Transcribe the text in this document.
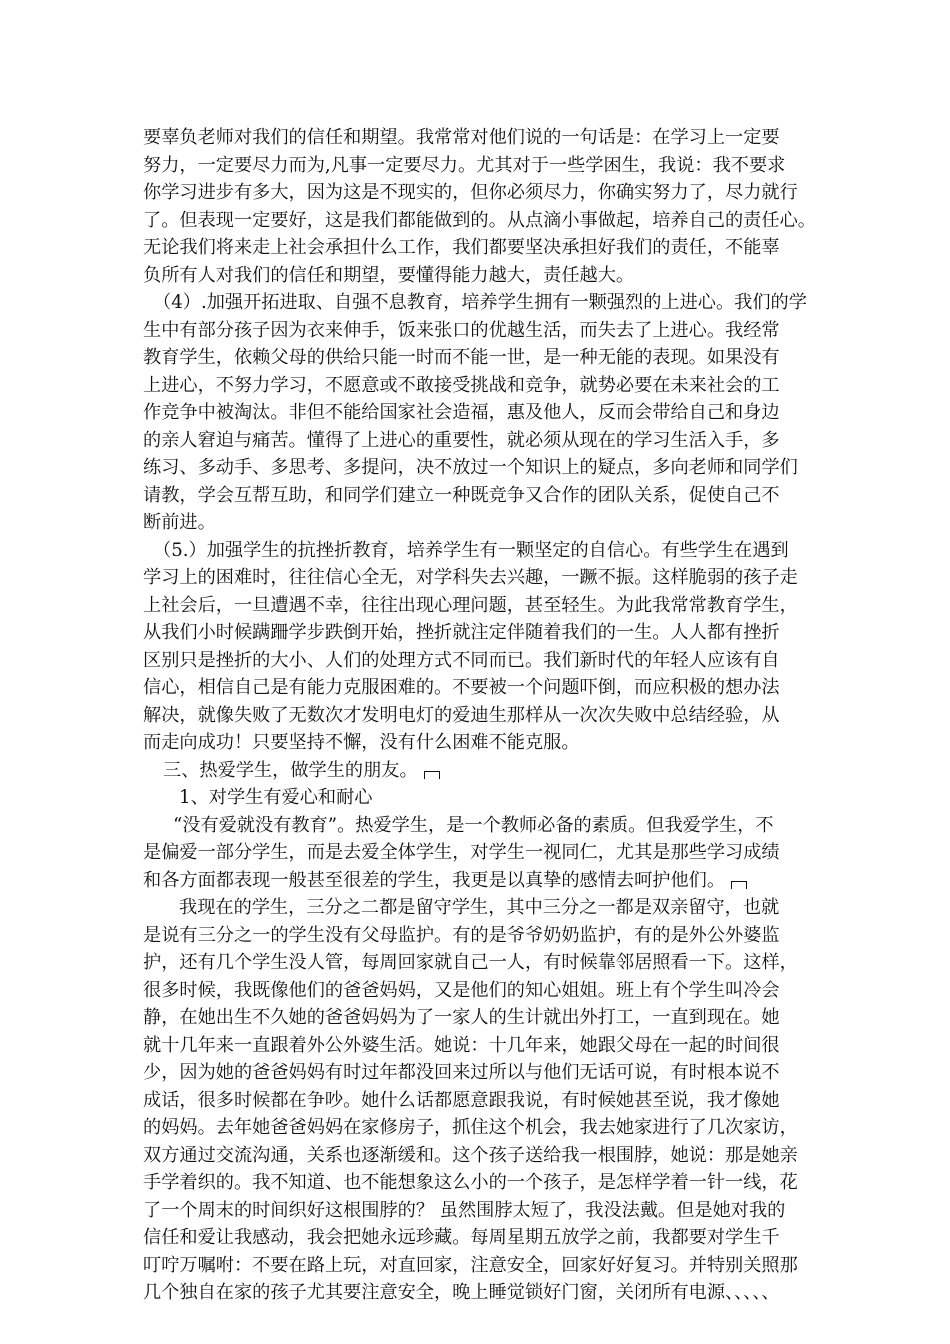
要辜负老师对我们的信任和期望。我常常对他们说的一句话是：在学习上一定要
努力，一定要尽力而为,凡事一定要尽力。尤其对于一些学困生，我说：我不要求
你学习进步有多大，因为这是不现实的，但你必须尽力，你确实努力了，尽力就行
了。但表现一定要好，这是我们都能做到的。从点滴小事做起，培养自己的责任心。
无论我们将来走上社会承担什么工作，我们都要坚决承担好我们的责任，不能辜
负所有人对我们的信任和期望，要懂得能力越大，责任越大。
（4）.加强开拓进取、自强不息教育，培养学生拥有一颗强烈的上进心。我们的学
生中有部分孩子因为衣来伸手，饭来张口的优越生活，而失去了上进心。我经常
教育学生，依赖父母的供给只能一时而不能一世，是一种无能的表现。如果没有
上进心，不努力学习，不愿意或不敢接受挑战和竞争，就势必要在未来社会的工
作竞争中被淘汰。非但不能给国家社会造福，惠及他人，反而会带给自己和身边
的亲人窘迫与痛苦。懂得了上进心的重要性，就必须从现在的学习生活入手，多
练习、多动手、多思考、多提问，决不放过一个知识上的疑点，多向老师和同学们
请教，学会互帮互助，和同学们建立一种既竞争又合作的团队关系，促使自己不
断前进。
（5.）加强学生的抗挫折教育，培养学生有一颗坚定的自信心。有些学生在遇到
学习上的困难时，往往信心全无，对学科失去兴趣，一蹶不振。这样脆弱的孩子走
上社会后，一旦遭遇不幸，往往出现心理问题，甚至轻生。为此我常常教育学生，
从我们小时候蹒跚学步跌倒开始，挫折就注定伴随着我们的一生。人人都有挫折
区别只是挫折的大小、人们的处理方式不同而已。我们新时代的年轻人应该有自
信心，相信自己是有能力克服困难的。不要被一个问题吓倒，而应积极的想办法
解决，就像失败了无数次才发明电灯的爱迪生那样从一次次失败中总结经验，从
而走向成功！只要坚持不懈，没有什么困难不能克服。
三、热爱学生，做学生的朋友。
1、对学生有爱心和耐心
“没有爱就没有教育”。热爱学生，是一个教师必备的素质。但我爱学生，不
是偏爱一部分学生，而是去爱全体学生，对学生一视同仁，尤其是那些学习成绩
和各方面都表现一般甚至很差的学生，我更是以真挚的感情去呵护他们。
我现在的学生，三分之二都是留守学生，其中三分之一都是双亲留守，也就
是说有三分之一的学生没有父母监护。有的是爷爷奶奶监护，有的是外公外婆监
护，还有几个学生没人管，每周回家就自己一人，有时候靠邻居照看一下。这样，
很多时候，我既像他们的爸爸妈妈，又是他们的知心姐姐。班上有个学生叫冷会
静，在她出生不久她的爸爸妈妈为了一家人的生计就出外打工，一直到现在。她
就十几年来一直跟着外公外婆生活。她说：十几年来，她跟父母在一起的时间很
少，因为她的爸爸妈妈有时过年都没回来过所以与他们无话可说，有时根本说不
成话，很多时候都在争吵。她什么话都愿意跟我说，有时候她甚至说，我才像她
的妈妈。去年她爸爸妈妈在家修房子，抓住这个机会，我去她家进行了几次家访，
双方通过交流沟通，关系也逐渐缓和。这个孩子送给我一根围脖，她说：那是她亲
手学着织的。我不知道、也不能想象这么小的一个孩子，是怎样学着一针一线，花
了一个周末的时间织好这根围脖的？ 虽然围脖太短了，我没法戴。但是她对我的
信任和爱让我感动，我会把她永远珍藏。每周星期五放学之前，我都要对学生千
叮咛万嘱咐：不要在路上玩，对直回家，注意安全，回家好好复习。并特别关照那
几个独自在家的孩子尤其要注意安全，晚上睡觉锁好门窗，关闭所有电源、、、、、
